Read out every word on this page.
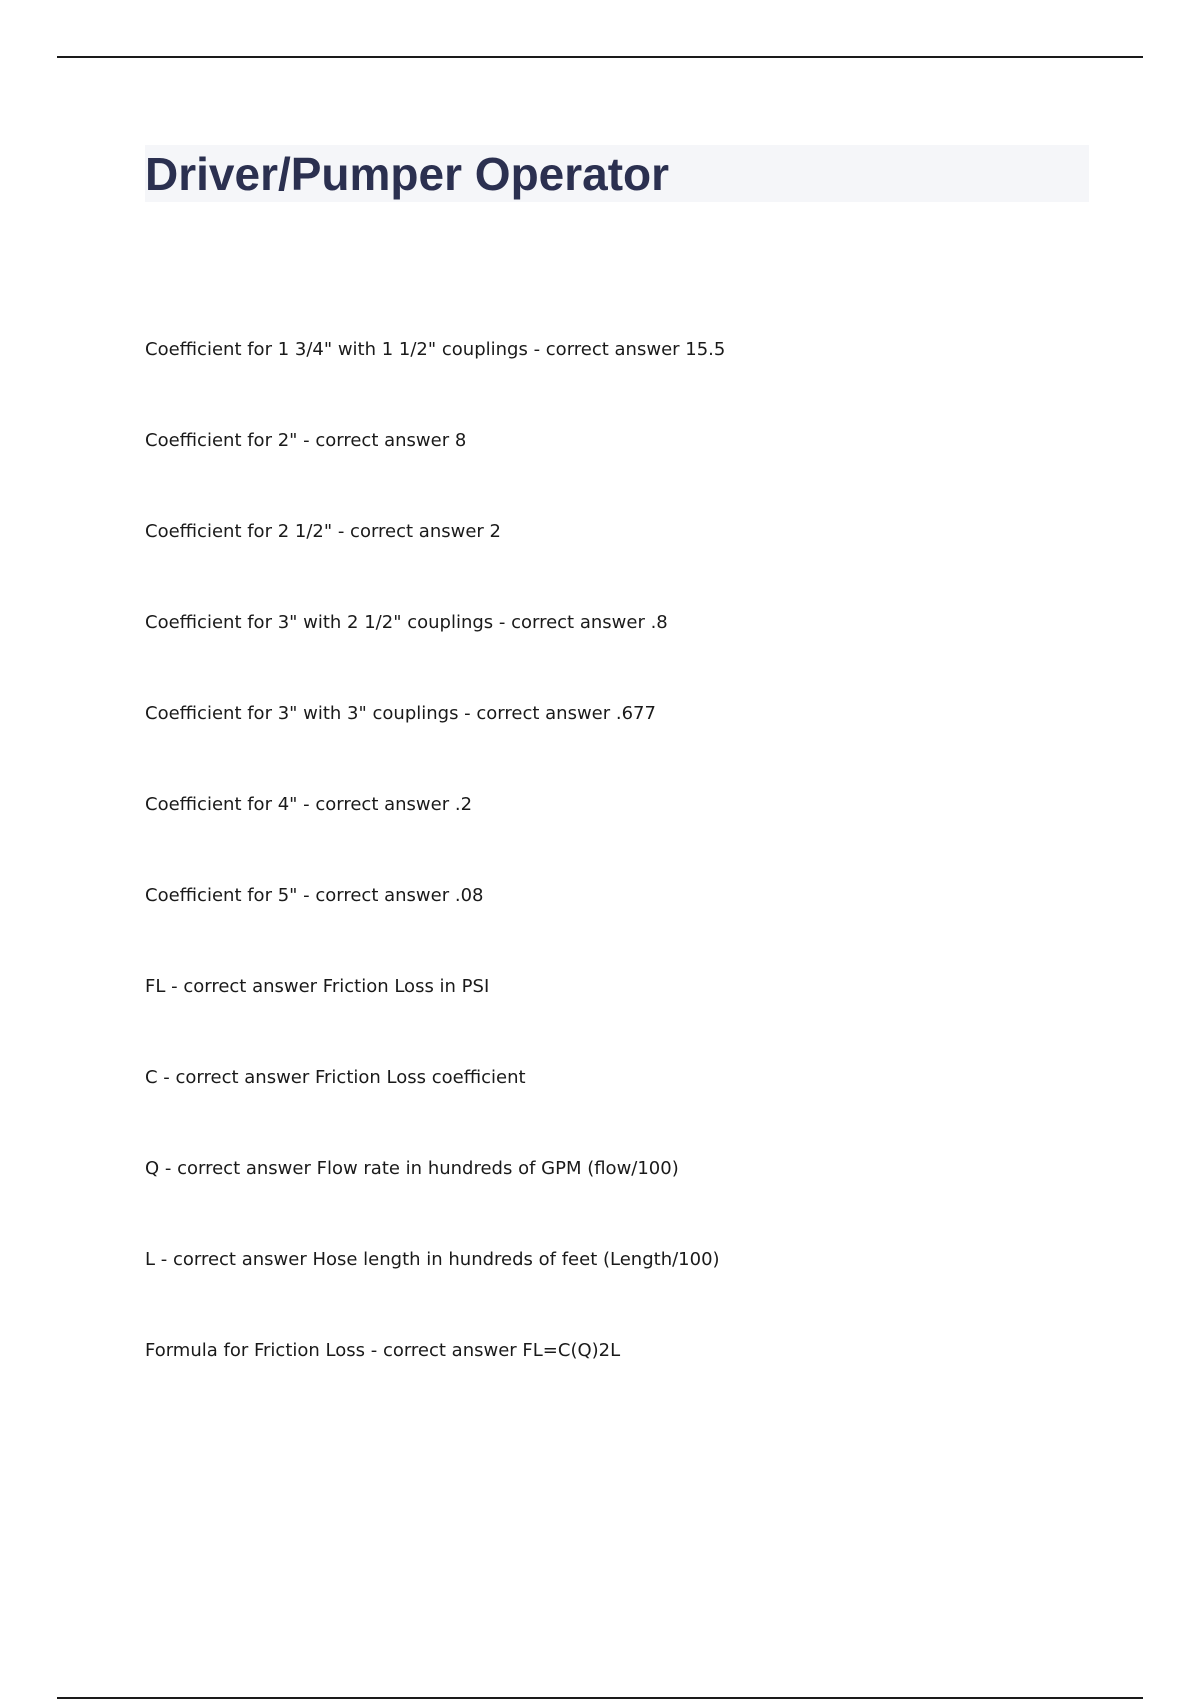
Driver/Pumper Operator
Coefficient for 1 3/4" with 1 1/2" couplings - correct answer 15.5
Coefficient for 2" - correct answer 8
Coefficient for 2 1/2" - correct answer 2
Coefficient for 3" with 2 1/2" couplings - correct answer .8
Coefficient for 3" with 3" couplings - correct answer .677
Coefficient for 4" - correct answer .2
Coefficient for 5" - correct answer .08
FL - correct answer Friction Loss in PSI
C - correct answer Friction Loss coefficient
Q - correct answer Flow rate in hundreds of GPM (flow/100)
L - correct answer Hose length in hundreds of feet (Length/100)
Formula for Friction Loss - correct answer FL=C(Q)2L
